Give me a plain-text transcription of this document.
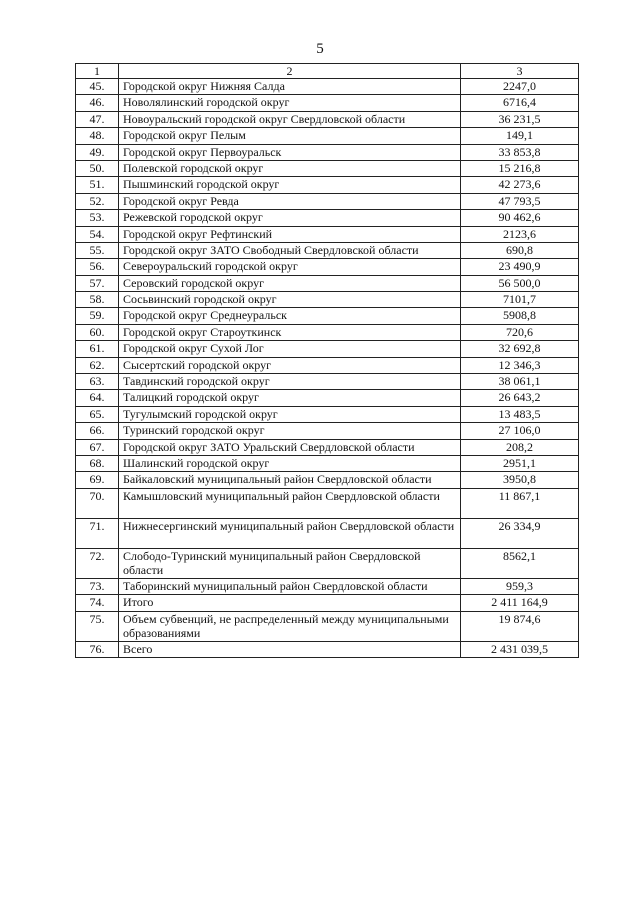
5
1	2	3
45.	Городской округ Нижняя Салда	2247,0
46.	Новолялинский городской округ	6716,4
47.	Новоуральский городской округ Свердловской области	36 231,5
48.	Городской округ Пелым	149,1
49.	Городской округ Первоуральск	33 853,8
50.	Полевской городской округ	15 216,8
51.	Пышминский городской округ	42 273,6
52.	Городской округ Ревда	47 793,5
53.	Режевской городской округ	90 462,6
54.	Городской округ Рефтинский	2123,6
55.	Городской округ ЗАТО Свободный Свердловской области	690,8
56.	Североуральский городской округ	23 490,9
57.	Серовский городской округ	56 500,0
58.	Сосьвинский городской округ	7101,7
59.	Городской округ Среднеуральск	5908,8
60.	Городской округ Староуткинск	720,6
61.	Городской округ Сухой Лог	32 692,8
62.	Сысертский городской округ	12 346,3
63.	Тавдинский городской округ	38 061,1
64.	Талицкий городской округ	26 643,2
65.	Тугулымский городской округ	13 483,5
66.	Туринский городской округ	27 106,0
67.	Городской округ ЗАТО Уральский Свердловской области	208,2
68.	Шалинский городской округ	2951,1
69.	Байкаловский муниципальный район Свердловской области	3950,8
70.	Камышловский муниципальный район Свердловской области	11 867,1
71.	Нижнесергинский муниципальный район Свердловской области	26 334,9
72.	Слободо-Туринский муниципальный район Свердловской области	8562,1
73.	Таборинский муниципальный район Свердловской области	959,3
74.	Итого	2 411 164,9
75.	Объем субвенций, не распределенный между муниципальными образованиями	19 874,6
76.	Всего	2 431 039,5
